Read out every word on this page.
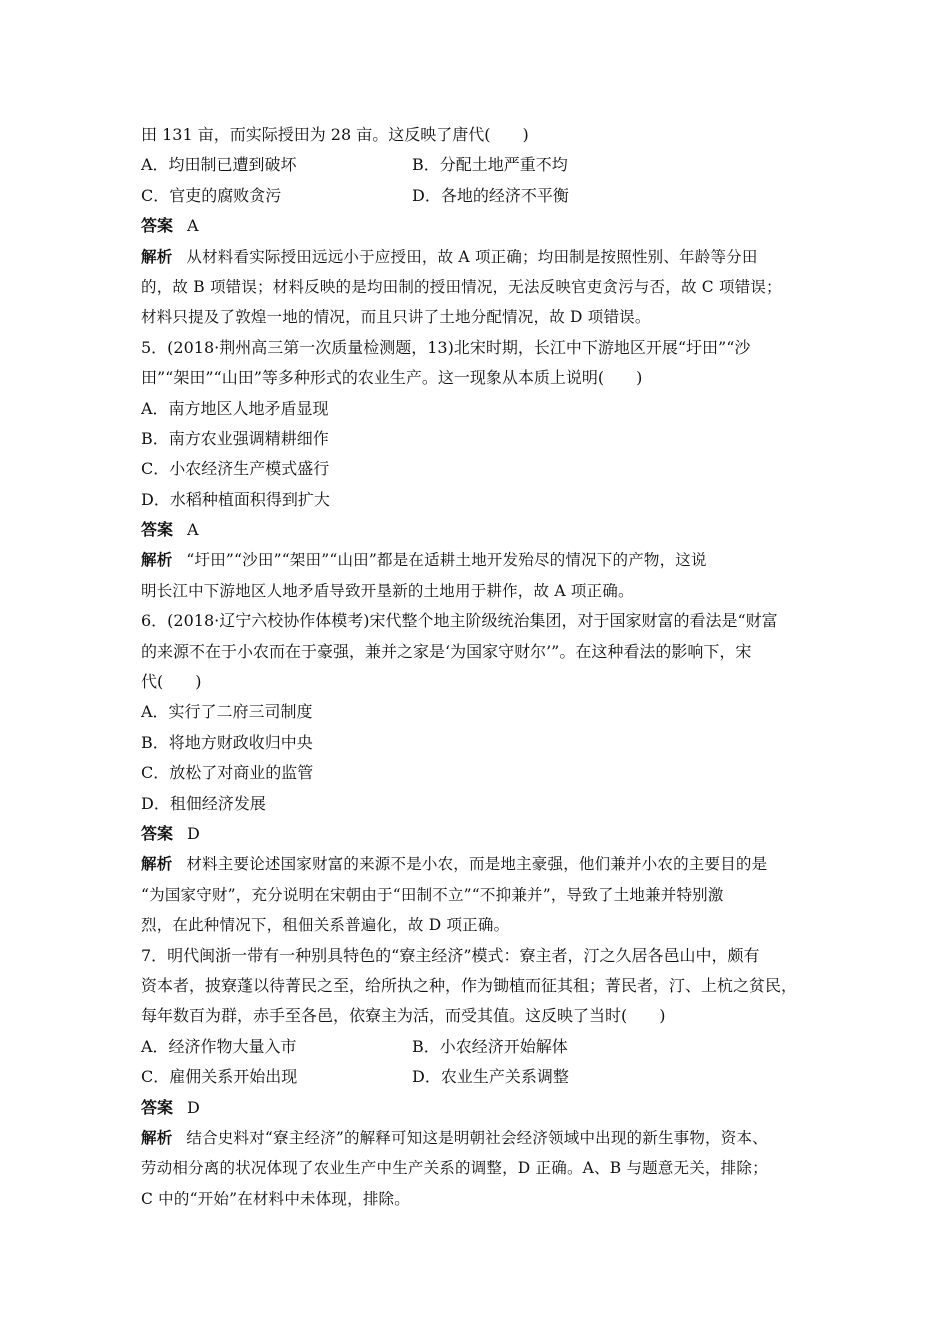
田 131 亩，而实际授田为 28 亩。这反映了唐代(　　)
A．均田制已遭到破坏	B．分配土地严重不均
C．官吏的腐败贪污	D．各地的经济不平衡
答案 A
解析 从材料看实际授田远远小于应授田，故 A 项正确；均田制是按照性别、年龄等分田
的，故 B 项错误；材料反映的是均田制的授田情况，无法反映官吏贪污与否，故 C 项错误；
材料只提及了敦煌一地的情况，而且只讲了土地分配情况，故 D 项错误。
5．(2018·荆州高三第一次质量检测题，13)北宋时期，长江中下游地区开展“圩田”“沙
田”“架田”“山田”等多种形式的农业生产。这一现象从本质上说明(　　)
A．南方地区人地矛盾显现
B．南方农业强调精耕细作
C．小农经济生产模式盛行
D．水稻种植面积得到扩大
答案 A
解析 “圩田”“沙田”“架田”“山田”都是在适耕土地开发殆尽的情况下的产物，这说
明长江中下游地区人地矛盾导致开垦新的土地用于耕作，故 A 项正确。
6．(2018·辽宁六校协作体模考)宋代整个地主阶级统治集团，对于国家财富的看法是“财富
的来源不在于小农而在于豪强，兼并之家是‘为国家守财尔’”。在这种看法的影响下，宋
代(　　)
A．实行了二府三司制度
B．将地方财政收归中央
C．放松了对商业的监管
D．租佃经济发展
答案 D
解析 材料主要论述国家财富的来源不是小农，而是地主豪强，他们兼并小农的主要目的是
“为国家守财”，充分说明在宋朝由于“田制不立”“不抑兼并”，导致了土地兼并特别激
烈，在此种情况下，租佃关系普遍化，故 D 项正确。
7．明代闽浙一带有一种别具特色的“寮主经济”模式：寮主者，汀之久居各邑山中，颇有
资本者，披寮蓬以待菁民之至，给所执之种，作为锄植而征其租；菁民者，汀、上杭之贫民，
每年数百为群，赤手至各邑，依寮主为活，而受其值。这反映了当时(　　)
A．经济作物大量入市	B．小农经济开始解体
C．雇佣关系开始出现	D．农业生产关系调整
答案 D
解析 结合史料对“寮主经济”的解释可知这是明朝社会经济领域中出现的新生事物，资本、
劳动相分离的状况体现了农业生产中生产关系的调整，D 正确。A、B 与题意无关，排除；
C 中的“开始”在材料中未体现，排除。
